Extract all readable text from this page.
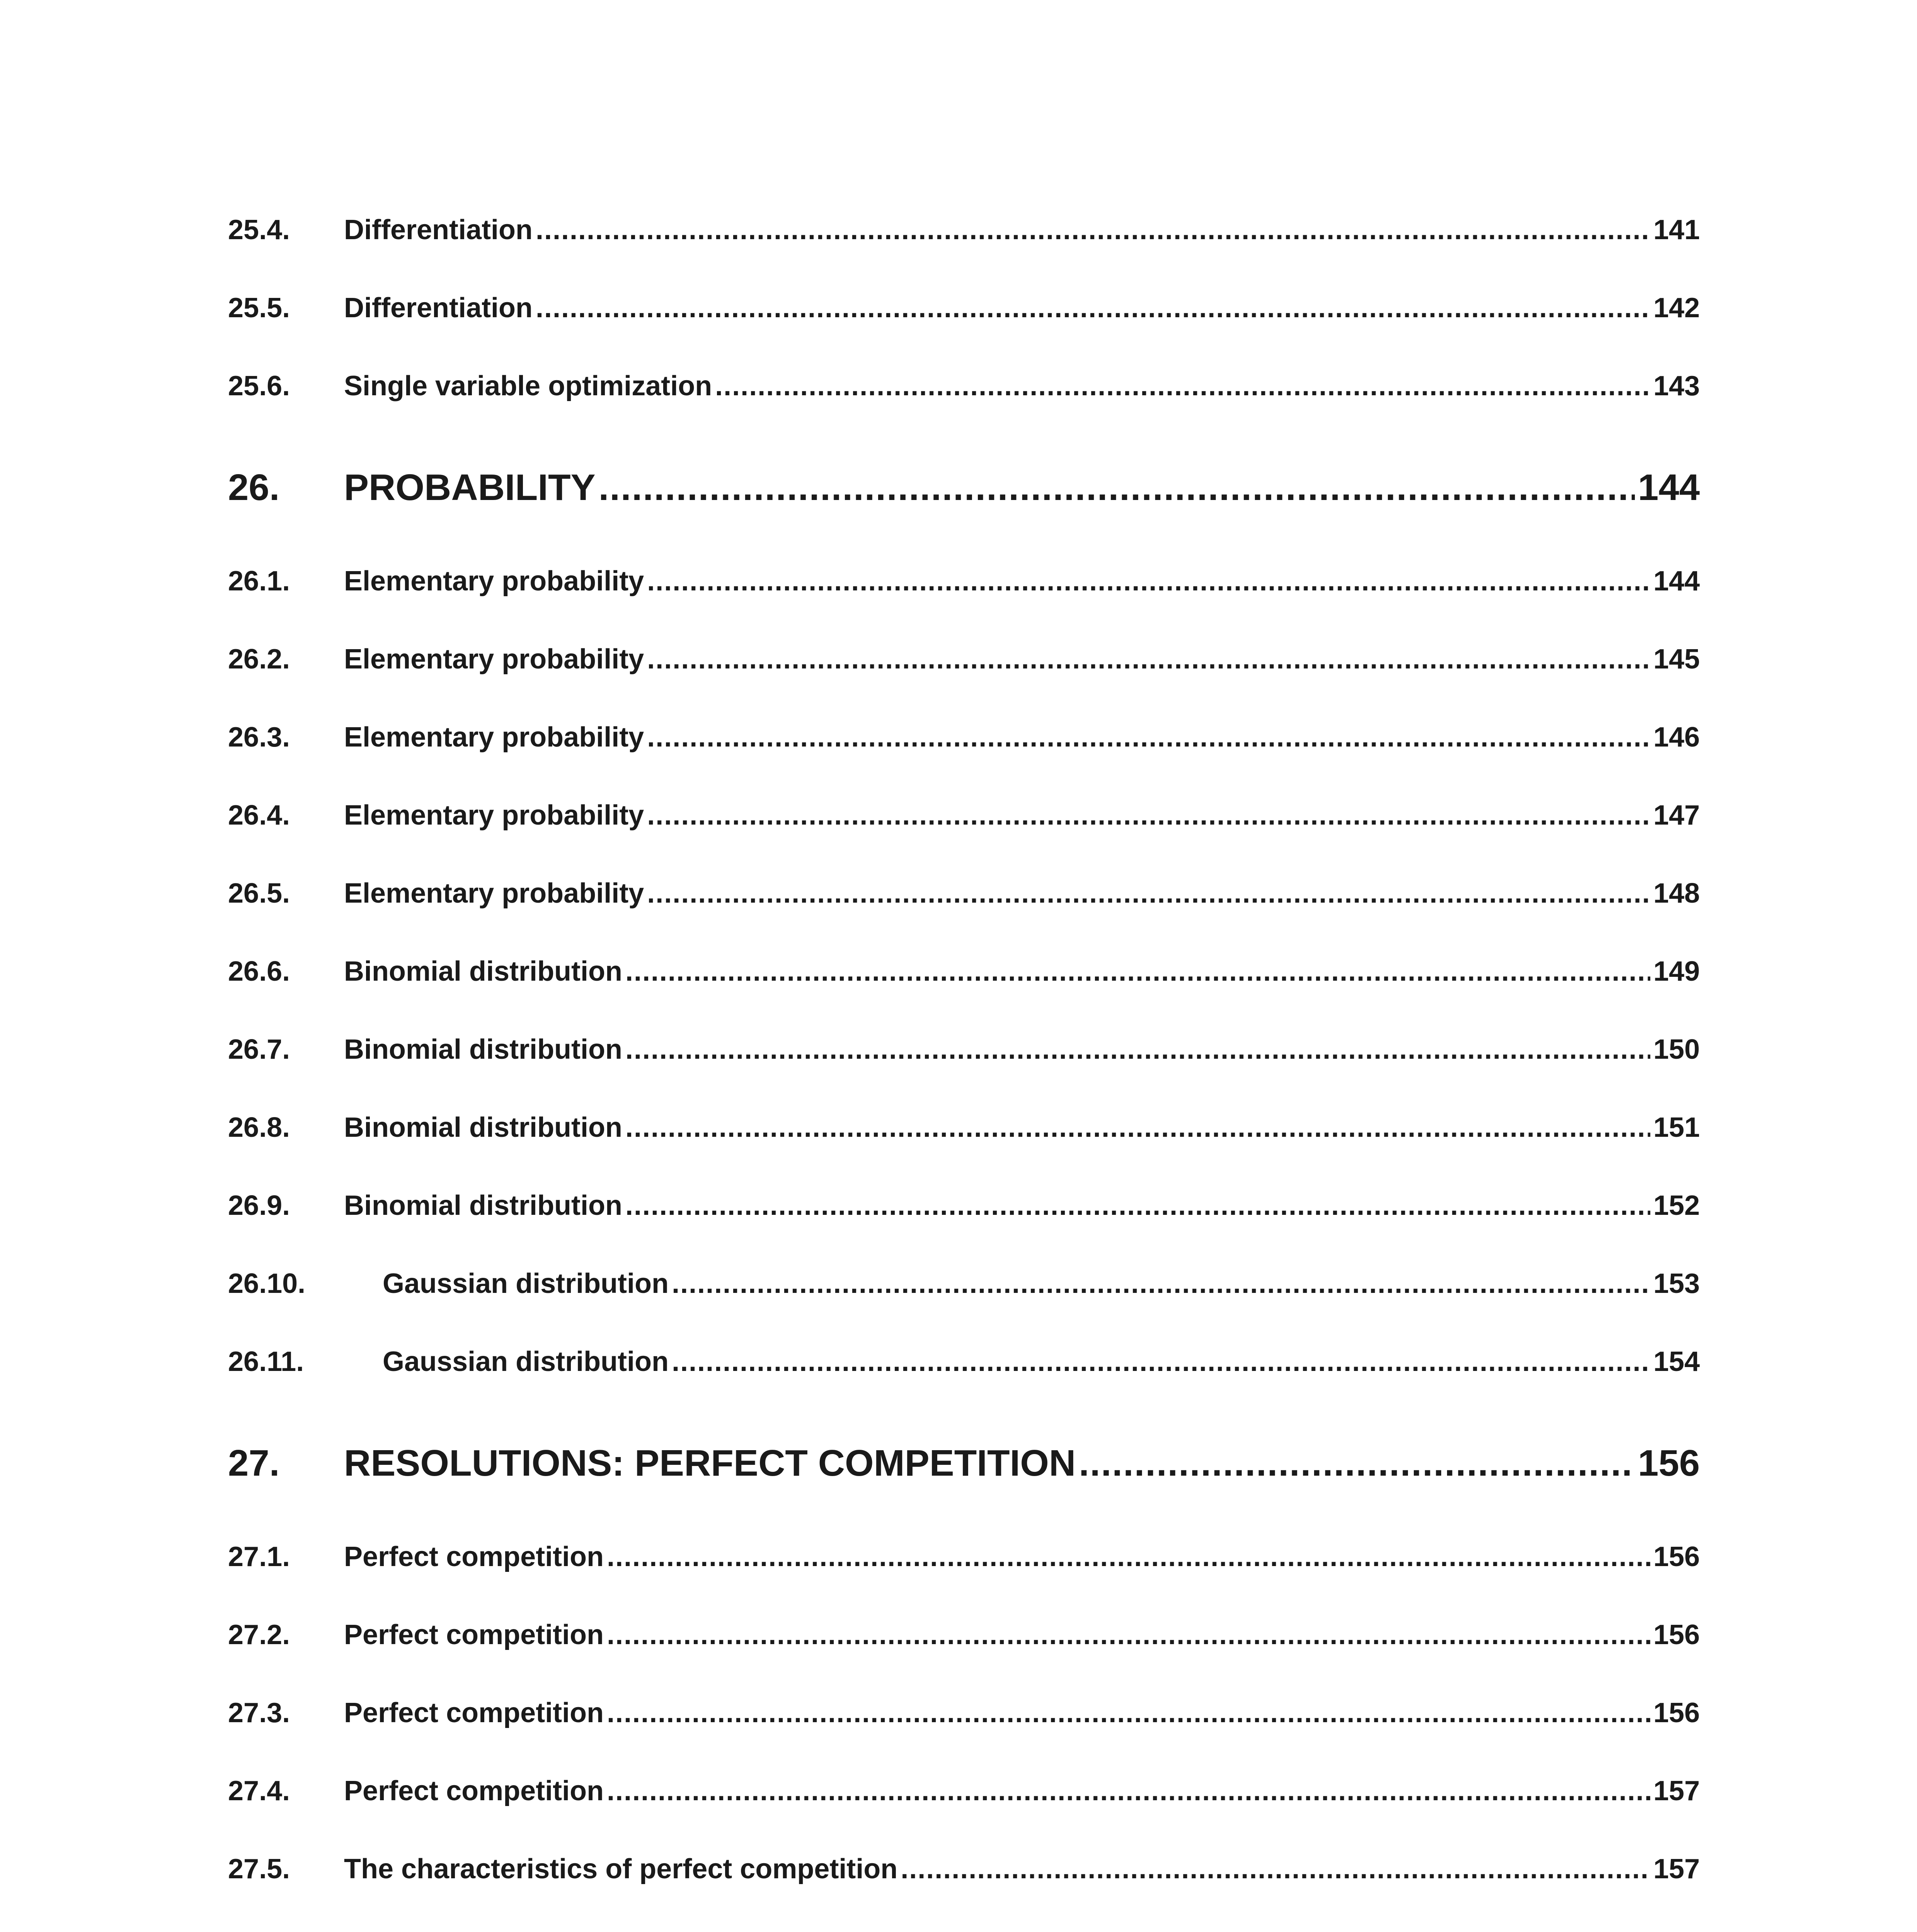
25.4.	Differentiation .....	141
25.5.	Differentiation .....	142
25.6.	Single variable optimization .....	143
26.	PROBABILITY .....	144
26.1.	Elementary probability .....	144
26.2.	Elementary probability .....	145
26.3.	Elementary probability .....	146
26.4.	Elementary probability .....	147
26.5.	Elementary probability .....	148
26.6.	Binomial distribution .....	149
26.7.	Binomial distribution .....	150
26.8.	Binomial distribution .....	151
26.9.	Binomial distribution .....	152
26.10.	Gaussian distribution .....	153
26.11.	Gaussian distribution .....	154
27.	RESOLUTIONS: PERFECT COMPETITION .....	156
27.1.	Perfect competition .....	156
27.2.	Perfect competition .....	156
27.3.	Perfect competition .....	156
27.4.	Perfect competition .....	157
27.5.	The characteristics of perfect competition .....	157
.....
